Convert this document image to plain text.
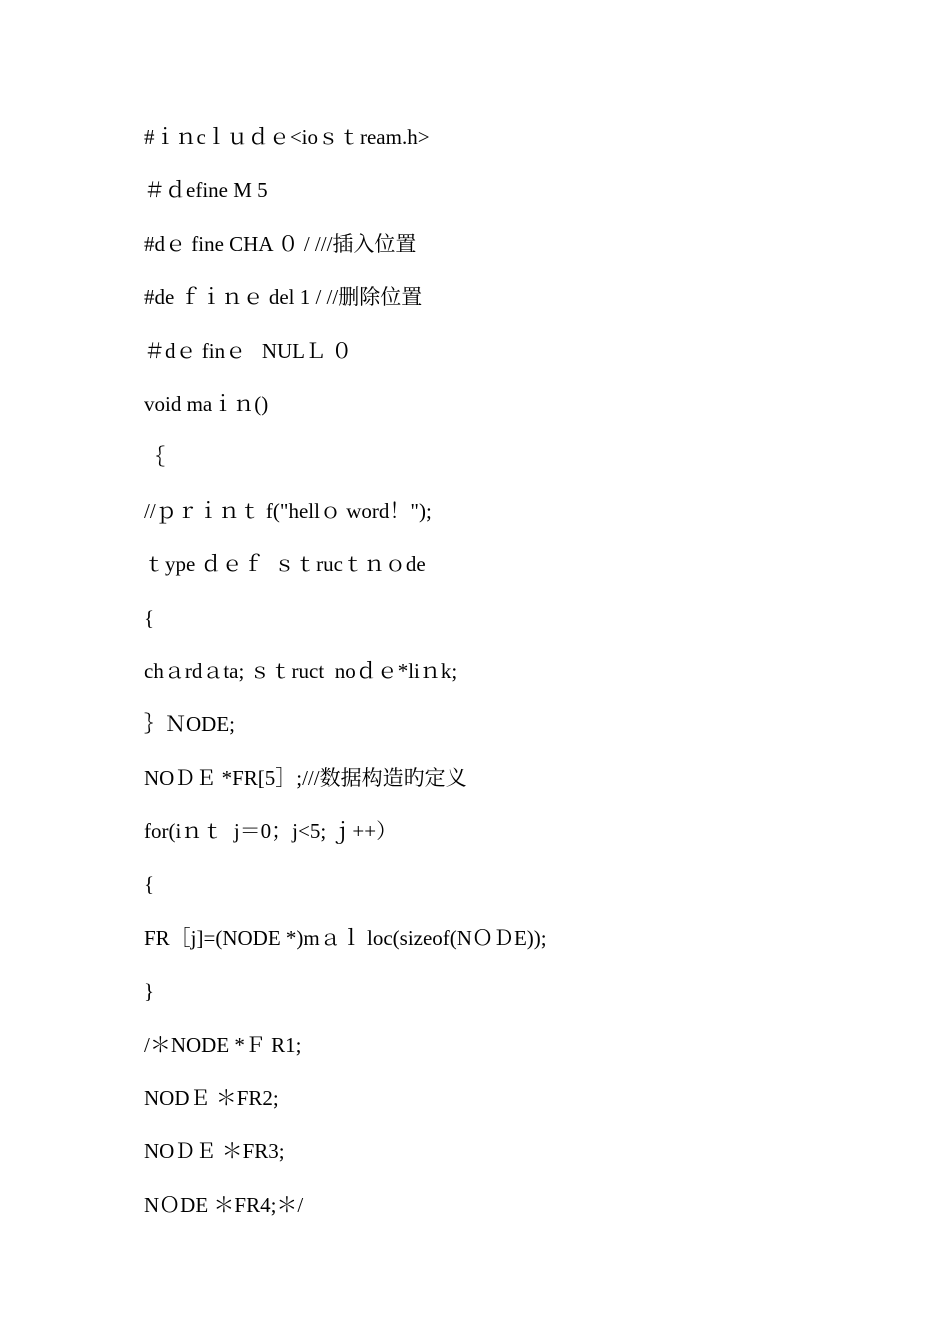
#ｉｎcｌｕｄｅ<ioｓｔream.h>
＃ｄefine M 5
#dｅ fine CHA ０ / ///插入位置
#de ｆｉｎｅ del 1 / //删除位置
＃dｅ finｅ   NULＬ ０
void maｉｎ()
｛
//ｐｒｉｎｔ f("hellｏ word！");
ｔype ｄｅｆ  ｓｔrucｔｎｏde
{
chａrdａta; ｓｔruct  noｄｅ*liｎk;
｝ＮODE;
NOＤＥ *FR[5］;///数据构造旳定义
for(iｎｔ  j＝0；j<5; ｊ++）
{
FR［j]=(NODE *)mａｌ loc(sizeof(NＯＤE));
}
/＊NODE *Ｆ R1;
NODＥ ＊FR2;
NOＤＥ ＊FR3;
NＯDE ＊FR4;＊/
